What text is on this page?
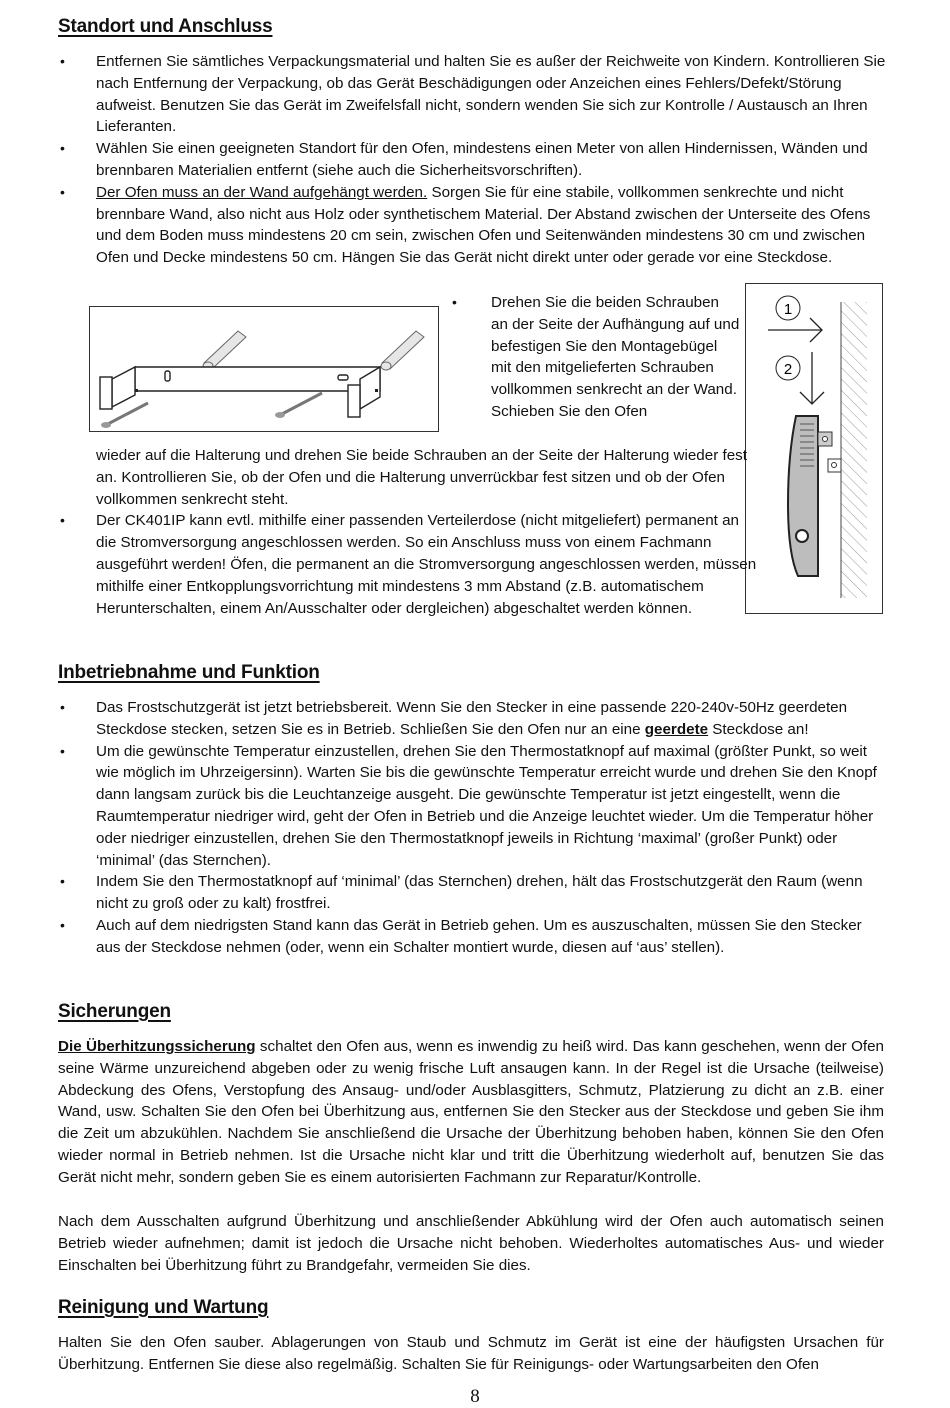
Standort und Anschluss
• Entfernen Sie sämtliches Verpackungsmaterial und halten Sie es außer der Reichweite von Kindern. Kontrollieren Sie nach Entfernung der Verpackung, ob das Gerät Beschädigungen oder Anzeichen eines Fehlers/Defekt/Störung aufweist. Benutzen Sie das Gerät im Zweifelsfall nicht, sondern wenden Sie sich zur Kontrolle / Austausch an Ihren Lieferanten.
• Wählen Sie einen geeigneten Standort für den Ofen, mindestens einen Meter von allen Hindernissen, Wänden und brennbaren Materialien entfernt (siehe auch die Sicherheitsvorschriften).
• Der Ofen muss an der Wand aufgehängt werden. Sorgen Sie für eine stabile, vollkommen senkrechte und nicht brennbare Wand, also nicht aus Holz oder synthetischem Material. Der Abstand zwischen der Unterseite des Ofens und dem Boden muss mindestens 20 cm sein, zwischen Ofen und Seitenwänden mindestens 30 cm und zwischen Ofen und Decke mindestens 50 cm. Hängen Sie das Gerät nicht direkt unter oder gerade vor eine Steckdose.
• Drehen Sie die beiden Schrauben an der Seite der Aufhängung auf und befestigen Sie den Montagebügel mit den mitgelieferten Schrauben vollkommen senkrecht an der Wand. Schieben Sie den Ofen
1
2
wieder auf die Halterung und drehen Sie beide Schrauben an der Seite der Halterung wieder fest an. Kontrollieren Sie, ob der Ofen und die Halterung unverrückbar fest sitzen und ob der Ofen vollkommen senkrecht steht.
• Der CK401IP kann evtl. mithilfe einer passenden Verteilerdose (nicht mitgeliefert) permanent an die Stromversorgung angeschlossen werden. So ein Anschluss muss von einem Fachmann ausgeführt werden! Öfen, die permanent an die Stromversorgung angeschlossen werden, müssen mithilfe einer Entkopplungsvorrichtung mit mindestens 3 mm Abstand (z.B. automatischem Herunterschalten, einem An/Ausschalter oder dergleichen) abgeschaltet werden können.
Inbetriebnahme und Funktion
• Das Frostschutzgerät ist jetzt betriebsbereit. Wenn Sie den Stecker in eine passende 220-240v-50Hz geerdeten Steckdose stecken, setzen Sie es in Betrieb. Schließen Sie den Ofen nur an eine geerdete Steckdose an!
• Um die gewünschte Temperatur einzustellen, drehen Sie den Thermostatknopf auf maximal (größter Punkt, so weit wie möglich im Uhrzeigersinn). Warten Sie bis die gewünschte Temperatur erreicht wurde und drehen Sie den Knopf dann langsam zurück bis die Leuchtanzeige ausgeht. Die gewünschte Temperatur ist jetzt eingestellt, wenn die Raumtemperatur niedriger wird, geht der Ofen in Betrieb und die Anzeige leuchtet wieder. Um die Temperatur höher oder niedriger einzustellen, drehen Sie den Thermostatknopf jeweils in Richtung ‘maximal’ (großer Punkt) oder ‘minimal’ (das Sternchen).
• Indem Sie den Thermostatknopf auf ‘minimal’ (das Sternchen) drehen, hält das Frostschutzgerät den Raum (wenn nicht zu groß oder zu kalt) frostfrei.
• Auch auf dem niedrigsten Stand kann das Gerät in Betrieb gehen. Um es auszuschalten, müssen Sie den Stecker aus der Steckdose nehmen (oder, wenn ein Schalter montiert wurde, diesen auf ‘aus’ stellen).
Sicherungen
Die Überhitzungssicherung schaltet den Ofen aus, wenn es inwendig zu heiß wird. Das kann geschehen, wenn der Ofen seine Wärme unzureichend abgeben oder zu wenig frische Luft ansaugen kann. In der Regel ist die Ursache (teilweise) Abdeckung des Ofens, Verstopfung des Ansaug- und/oder Ausblasgitters, Schmutz, Platzierung zu dicht an z.B. einer Wand, usw. Schalten Sie den Ofen bei Überhitzung aus, entfernen Sie den Stecker aus der Steckdose und geben Sie ihm die Zeit um abzukühlen. Nachdem Sie anschließend die Ursache der Überhitzung behoben haben, können Sie den Ofen wieder normal in Betrieb nehmen. Ist die Ursache nicht klar und tritt die Überhitzung wiederholt auf, benutzen Sie das Gerät nicht mehr, sondern geben Sie es einem autorisierten Fachmann zur Reparatur/Kontrolle.
Nach dem Ausschalten aufgrund Überhitzung und anschließender Abkühlung wird der Ofen auch automatisch seinen Betrieb wieder aufnehmen; damit ist jedoch die Ursache nicht behoben. Wiederholtes automatisches Aus- und wieder Einschalten bei Überhitzung führt zu Brandgefahr, vermeiden Sie dies.
Reinigung und Wartung
Halten Sie den Ofen sauber. Ablagerungen von Staub und Schmutz im Gerät ist eine der häufigsten Ursachen für Überhitzung. Entfernen Sie diese also regelmäßig. Schalten Sie für Reinigungs- oder Wartungsarbeiten den Ofen
8
